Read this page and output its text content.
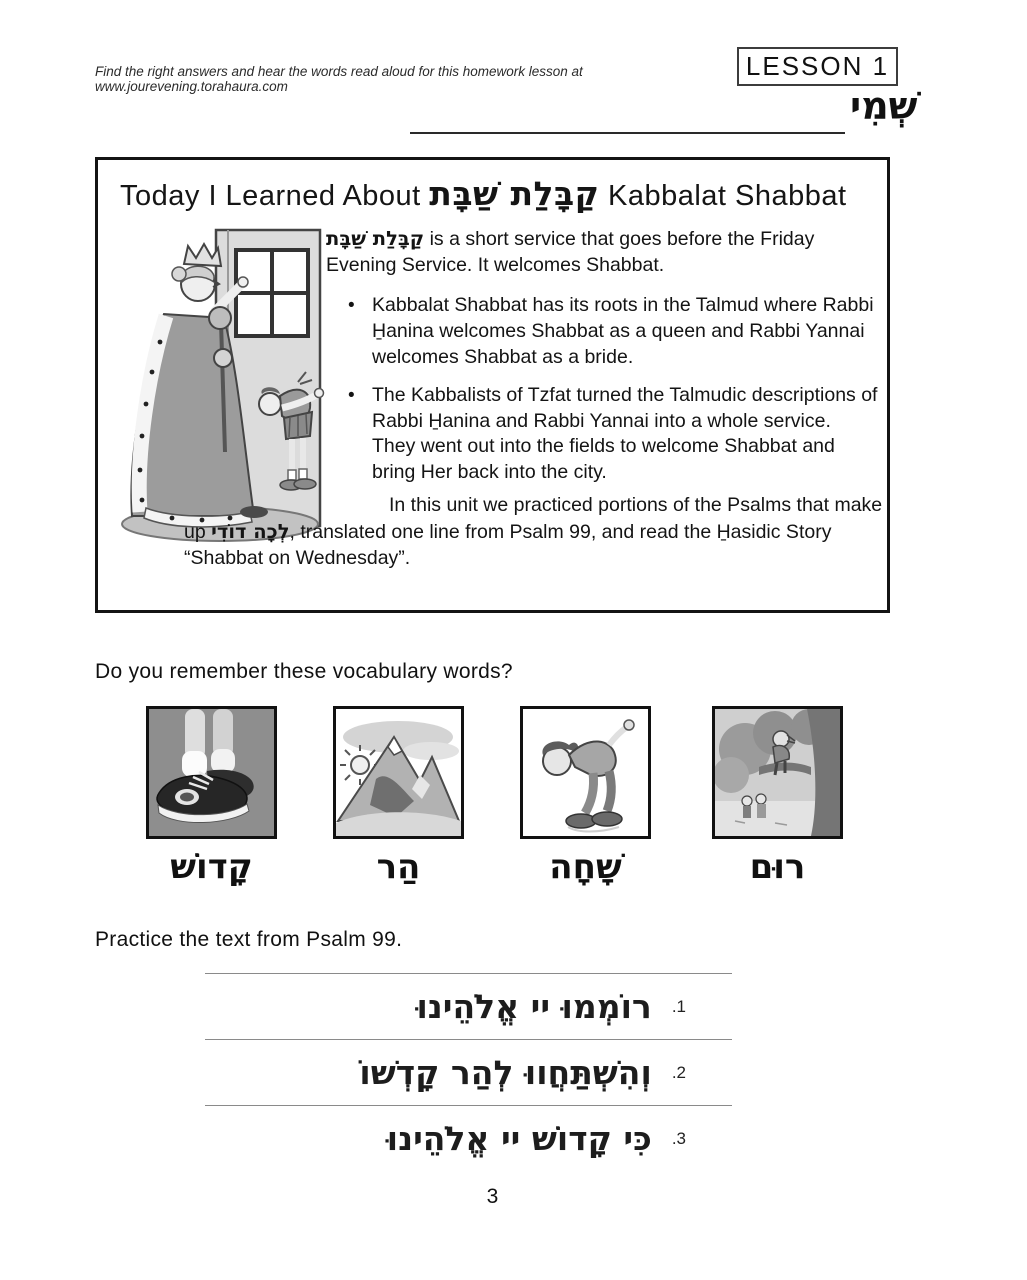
Find the right answers and hear the words read aloud for this homework lesson at www.jourevening.torahaura.com
LESSON 1
שְׁמִי
Today I Learned About קַבָּלַת שַׁבָּת Kabbalat Shabbat

קַבָּלַת שַׁבָּת is a short service that goes before the Friday Evening Service. It welcomes Shabbat.

• Kabbalat Shabbat has its roots in the Talmud where Rabbi H̱anina welcomes Shabbat as a queen and Rabbi Yannai welcomes Shabbat as a bride.

• The Kabbalists of Tzfat turned the Talmudic descriptions of Rabbi H̱anina and Rabbi Yannai into a whole service. They went out into the fields to welcome Shabbat and bring Her back into the city.

In this unit we practiced portions of the Psalms that make up לְכָה דוֹדִי, translated one line from Psalm 99, and read the H̱asidic Story “Shabbat on Wednesday”.

Do you remember these vocabulary words?
קָדוֹשׁ	הַר	שָׁחָה	רוּם
Practice the text from Psalm 99.
רוֹמְמוּ יי אֱלֹהֵינוּ .1
וְהִשְׁתַּחֲווּ לְהַר קָדְשׁוֹ .2
כִּי קָדוֹשׁ יי אֱלֹהֵינוּ .3
3
